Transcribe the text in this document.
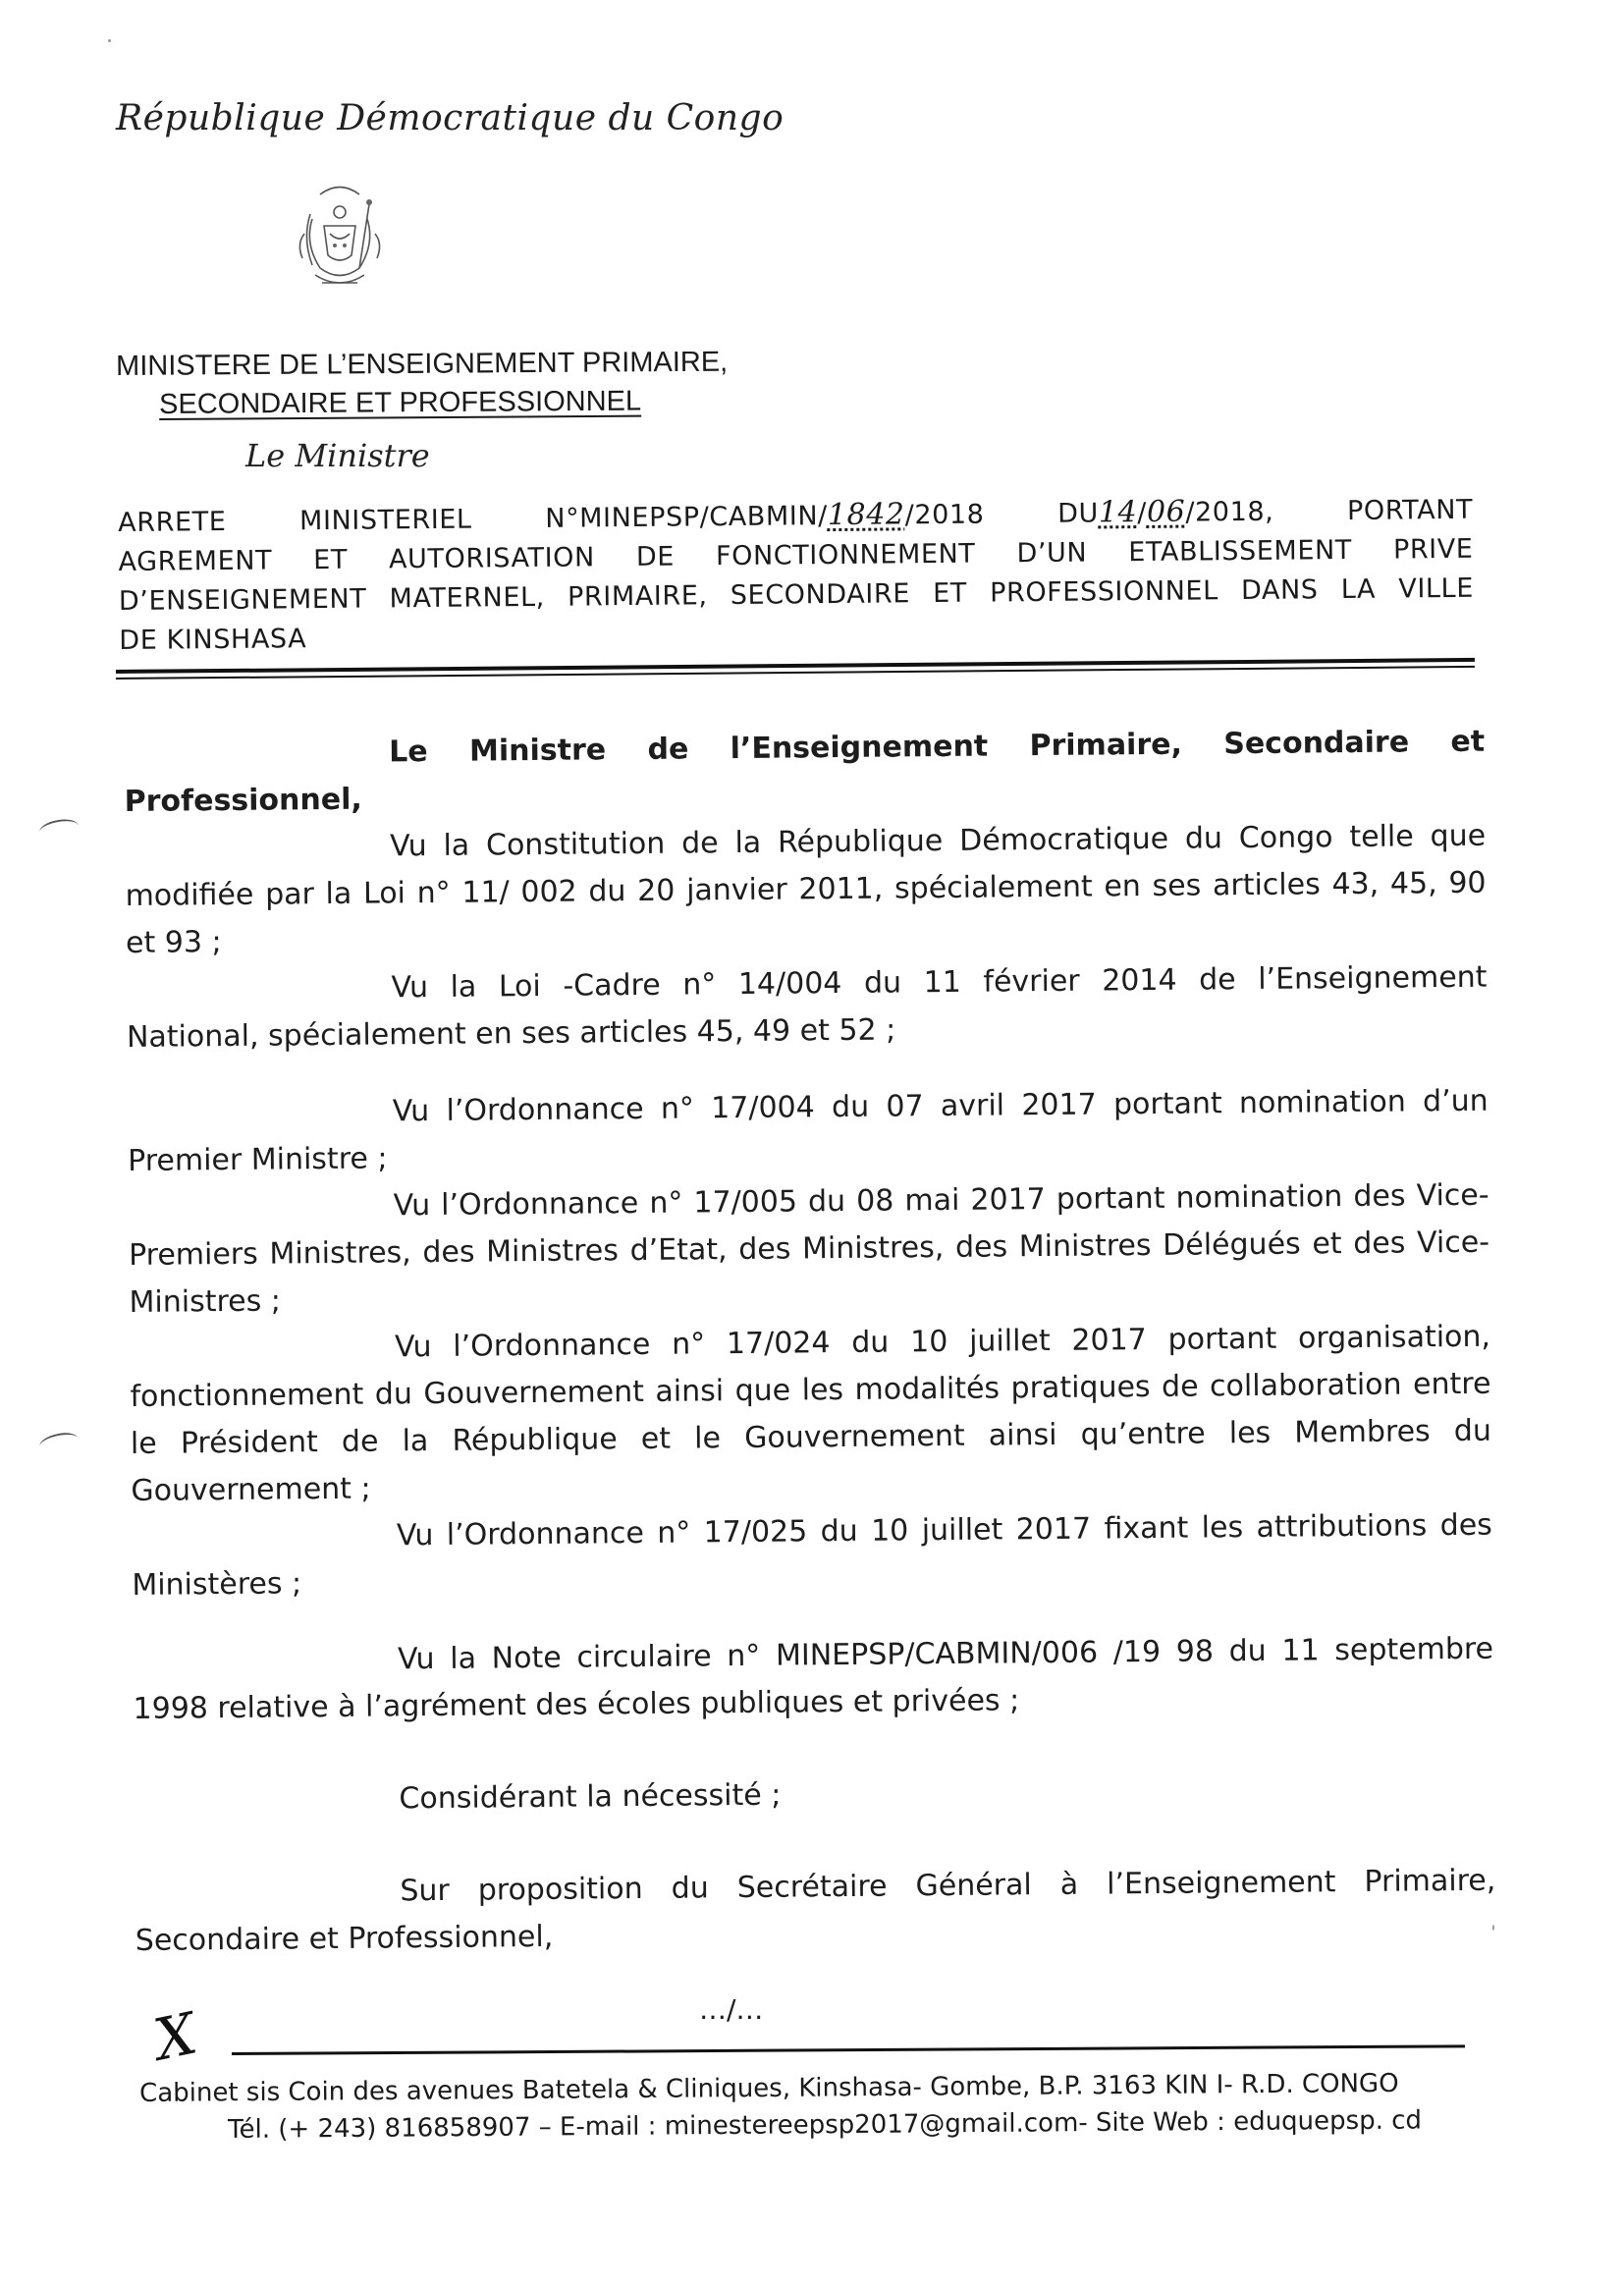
République Démocratique du Congo
MINISTERE DE L’ENSEIGNEMENT PRIMAIRE,
SECONDAIRE ET PROFESSIONNEL
Le Ministre
ARRETE MINISTERIEL N°MINEPSP/CABMIN/1842/2018 DU14/06/2018, PORTANT
AGREMENT ET AUTORISATION DE FONCTIONNEMENT D’UN ETABLISSEMENT PRIVE
D’ENSEIGNEMENT MATERNEL, PRIMAIRE, SECONDAIRE ET PROFESSIONNEL DANS LA VILLE
DE KINSHASA

Le Ministre de l’Enseignement Primaire, Secondaire et

Professionnel,

Vu la Constitution de la République Démocratique du Congo telle que modifiée par la Loi n° 11/ 002 du 20 janvier 2011, spécialement en ses articles 43, 45, 90 et 93 ;

Vu la Loi -Cadre n° 14/004 du 11 février 2014 de l’Enseignement National, spécialement en ses articles 45, 49 et 52 ;

Vu l’Ordonnance n° 17/004 du 07 avril 2017 portant nomination d’un Premier Ministre ;

Vu l’Ordonnance n° 17/005 du 08 mai 2017 portant nomination des Vice-Premiers Ministres, des Ministres d’Etat, des Ministres, des Ministres Délégués et des Vice- Ministres ;

Vu l’Ordonnance n° 17/024 du 10 juillet 2017 portant organisation, fonctionnement du Gouvernement ainsi que les modalités pratiques de collaboration entre le Président de la République et le Gouvernement ainsi qu’entre les Membres du Gouvernement ;

Vu l’Ordonnance n° 17/025 du 10 juillet 2017 fixant les attributions des Ministères ;

Vu la Note circulaire n° MINEPSP/CABMIN/006 /19 98 du 11 septembre 1998 relative à l’agrément des écoles publiques et privées ;

Considérant la nécessité ;

Sur proposition du Secrétaire Général à l’Enseignement Primaire, Secondaire et Professionnel,

X	…/…
Cabinet sis Coin des avenues Batetela & Cliniques, Kinshasa- Gombe, B.P. 3163 KIN I- R.D. CONGO
Tél. (+ 243) 816858907 – E-mail : minestereepsp2017@gmail.com- Site Web : eduquepsp. cd
